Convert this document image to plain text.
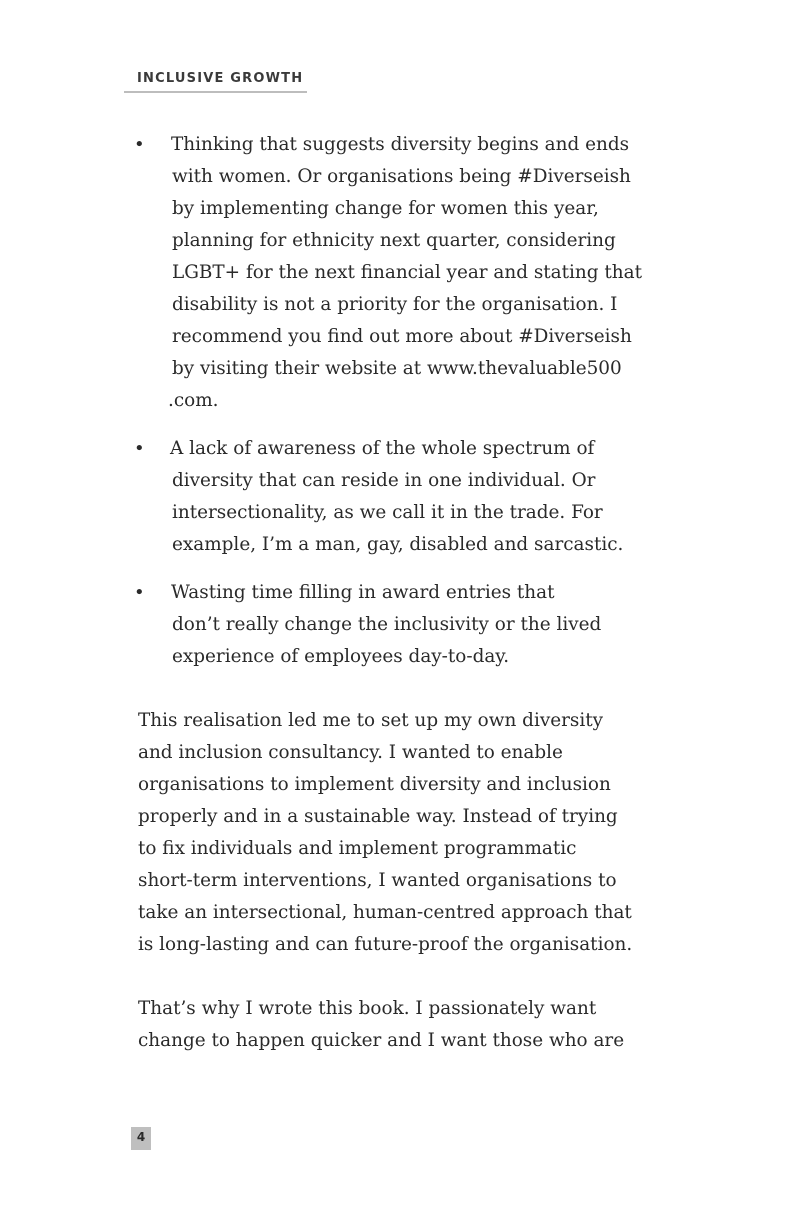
INCLUSIVE GROWTH
• Thinking that suggests diversity begins and ends
with women. Or organisations being #Diverseish
by implementing change for women this year,
planning for ethnicity next quarter, considering
LGBT+ for the next financial year and stating that
disability is not a priority for the organisation. I
recommend you find out more about #Diverseish
by visiting their website at www.thevaluable500
.com.
• A lack of awareness of the whole spectrum of
diversity that can reside in one individual. Or
intersectionality, as we call it in the trade. For
example, I’m a man, gay, disabled and sarcastic.
• Wasting time filling in award entries that
don’t really change the inclusivity or the lived
experience of employees day-to-day.
This realisation led me to set up my own diversity
and inclusion consultancy. I wanted to enable
organisations to implement diversity and inclusion
properly and in a sustainable way. Instead of trying
to fix individuals and implement programmatic
short-term interventions, I wanted organisations to
take an intersectional, human-centred approach that
is long-lasting and can future-proof the organisation.
That’s why I wrote this book. I passionately want
change to happen quicker and I want those who are
4
